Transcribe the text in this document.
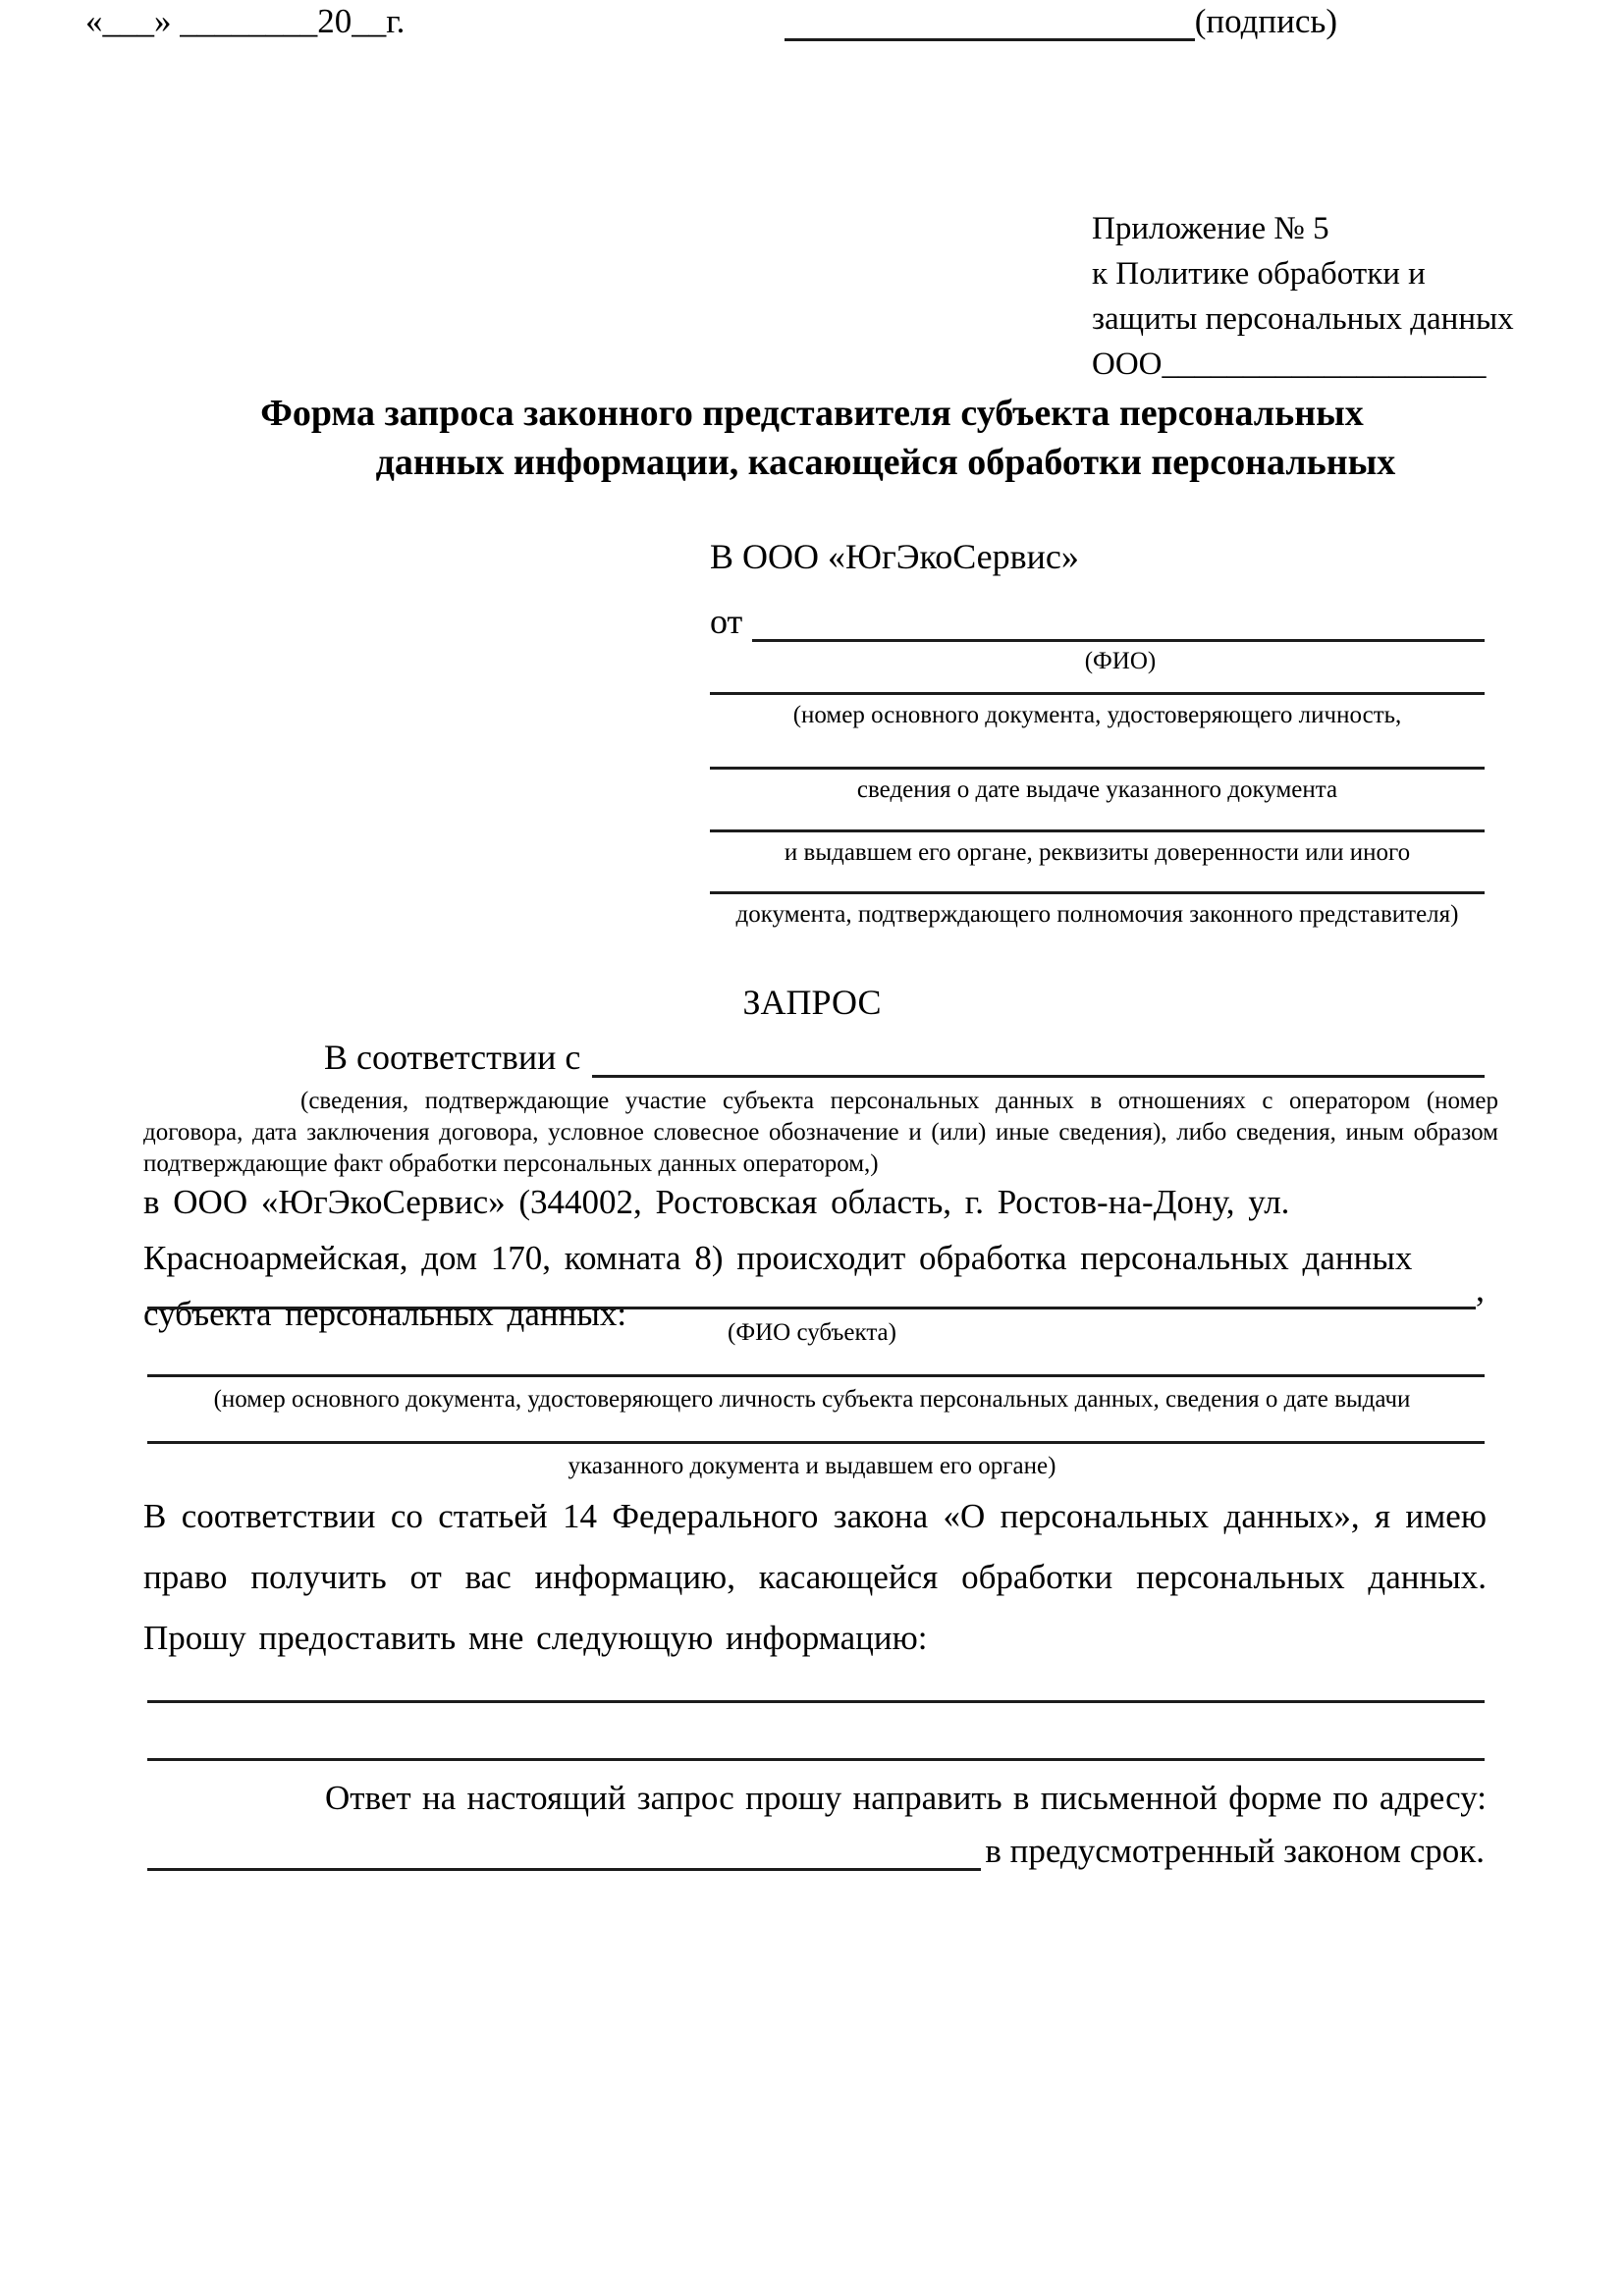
Приложение № 5
к Политике обработки и
защиты персональных данных
ООО____________________
Форма запроса законного представителя субъекта персональных
данных информации, касающейся обработки персональных
В ООО «ЮгЭкоСервис»
от
(ФИО)
(номер основного документа, удостоверяющего личность,
сведения о дате выдаче указанного документа
и выдавшем его органе, реквизиты доверенности или иного
документа, подтверждающего полномочия законного представителя)
ЗАПРОС
В соответствии с
(сведения, подтверждающие участие субъекта персональных данных в отношениях с оператором (номер договора, дата заключения договора, условное словесное обозначение и (или) иные сведения), либо сведения, иным образом подтверждающие факт обработки персональных данных оператором,)
в ООО «ЮгЭкоСервис» (344002, Ростовская область, г. Ростов-на-Дону, ул. Красноармейская, дом 170, комната 8) происходит обработка персональных данных субъекта персональных данных:
,
(ФИО субъекта)
(номер основного документа, удостоверяющего личность субъекта персональных данных, сведения о дате выдачи
указанного документа и выдавшем его органе)
В соответствии со статьей 14 Федерального закона «О персональных данных», я имею право получить от вас информацию, касающейся обработки персональных данных. Прошу предоставить мне следующую информацию:
Ответ на настоящий запрос прошу направить в письменной форме по адресу:
в предусмотренный законом срок.
«___» ________20__г.	(подпись)
